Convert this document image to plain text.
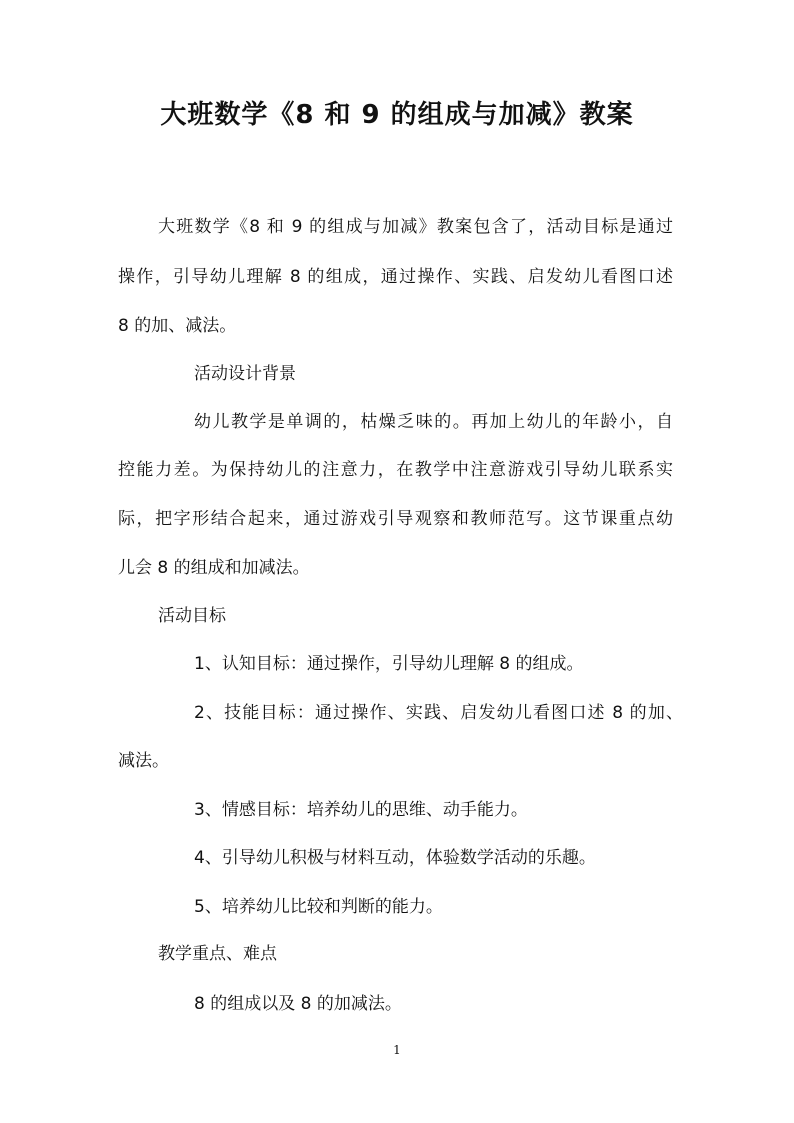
大班数学《8 和 9 的组成与加减》教案
大班数学《8 和 9 的组成与加减》教案包含了，活动目标是通过
操作，引导幼儿理解 8 的组成，通过操作、实践、启发幼儿看图口述
8 的加、减法。
活动设计背景
幼儿教学是单调的，枯燥乏味的。再加上幼儿的年龄小，自
控能力差。为保持幼儿的注意力，在教学中注意游戏引导幼儿联系实
际，把字形结合起来，通过游戏引导观察和教师范写。这节课重点幼
儿会 8 的组成和加减法。
活动目标
1、认知目标：通过操作，引导幼儿理解 8 的组成。
2、技能目标：通过操作、实践、启发幼儿看图口述 8 的加、
减法。
3、情感目标：培养幼儿的思维、动手能力。
4、引导幼儿积极与材料互动，体验数学活动的乐趣。
5、培养幼儿比较和判断的能力。
教学重点、难点
8 的组成以及 8 的加减法。
1
